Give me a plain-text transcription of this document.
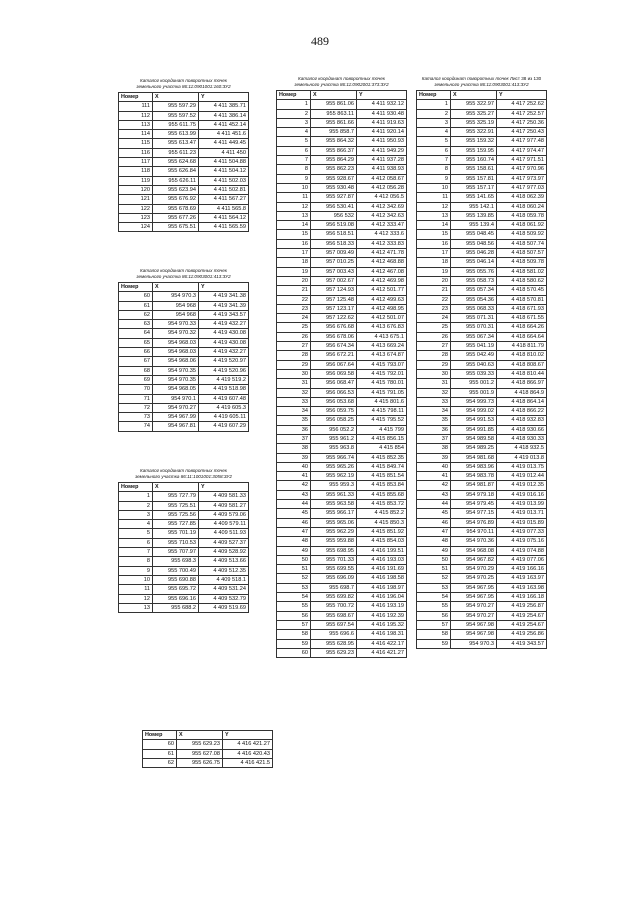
489
Каталог координат поворотных точек
земельного участка 86:11:0901001:160:ЗУ2
Номер	X	Y
111	955 597.29	4 411 385.71
112	955 597.52	4 411 386.14
113	955 611.75	4 411 452.14
114	955 613.99	4 411 451.6
115	955 613.47	4 411 449.45
116	955 611.23	4 411 450
117	955 624.68	4 411 504.88
118	955 626.84	4 411 504.12
119	955 626.11	4 411 502.03
120	955 623.94	4 411 502.81
121	955 676.92	4 411 567.27
122	955 678.69	4 411 565.8
123	955 677.26	4 411 564.12
124	955 675.51	4 411 565.59
Каталог координат поворотных точек
земельного участка 86:11:0903001:413:ЗУ2
Номер	X	Y
60	954 970.3	4 419 341.38
61	954 968	4 419 341.39
62	954 968	4 419 343.57
63	954 970.33	4 419 432.27
64	954 970.32	4 419 430.08
65	954 968.03	4 419 430.08
66	954 968.03	4 419 432.27
67	954 968.06	4 419 520.97
68	954 970.35	4 419 520.96
69	954 970.35	4 419 519.2
70	954 968.05	4 419 518.98
71	954 970.1	4 419 607.48
72	954 970.27	4 419 605.3
73	954 967.99	4 419 605.11
74	954 967.81	4 419 607.29
Каталог координат поворотных точек
земельного участка 86:11:1001001:3058:ЗУ2
Номер	X	Y
1	955 727.79	4 409 581.33
2	955 725.51	4 409 581.27
3	955 725.56	4 409 579.06
4	955 727.85	4 409 579.11
5	955 701.19	4 409 511.93
6	955 710.53	4 409 527.37
7	955 707.97	4 409 528.92
8	955 698.3	4 409 513.66
9	955 700.49	4 409 512.35
10	955 690.88	4 409 518.1
11	955 695.72	4 409 531.24
12	955 696.16	4 409 532.79
13	955 688.2	4 409 519.69
Каталог координат поворотных точек
земельного участка 86:11:0902001:373:ЗУ2
Номер	X	Y
1	955 861.06	4 411 932.12
2	955 863.11	4 411 930.48
3	955 861.66	4 411 919.63
4	955 858.7	4 411 920.14
5	955 864.32	4 411 950.93
6	955 866.37	4 411 949.29
7	955 864.29	4 411 937.28
8	955 862.23	4 411 938.93
9	955 928.67	4 412 058.67
10	955 930.48	4 412 056.28
11	955 927.87	4 412 056.5
12	956 530.41	4 412 342.69
13	956 532	4 412 342.63
14	956 519.08	4 412 333.47
15	956 518.51	4 412 333.6
16	956 518.33	4 412 333.83
17	957 009.49	4 412 471.78
18	957 010.25	4 412 468.88
19	957 003.43	4 412 467.08
20	957 002.67	4 412 469.98
21	957 124.93	4 412 501.77
22	957 125.48	4 412 499.63
23	957 123.17	4 412 498.95
24	957 122.62	4 412 501.07
25	956 676.68	4 413 676.83
26	956 678.06	4 413 675.1
27	956 674.34	4 413 669.24
28	956 672.21	4 413 674.87
29	956 067.64	4 415 793.07
30	956 069.58	4 415 792.01
31	956 068.47	4 415 780.01
32	956 066.53	4 415 791.05
33	956 053.68	4 415 801.6
34	956 059.75	4 415 798.11
35	956 058.25	4 415 795.52
36	956 052.2	4 415 799
37	955 961.2	4 415 856.15
38	955 963.8	4 415 854
39	955 966.74	4 415 852.35
40	955 965.26	4 415 849.74
41	955 962.19	4 415 851.54
42	955 959.3	4 415 853.84
43	955 961.33	4 415 855.68
44	955 963.58	4 415 853.72
45	955 966.17	4 415 852.2
46	955 965.06	4 415 850.3
47	955 962.29	4 415 851.92
48	955 959.88	4 415 854.03
49	955 698.95	4 416 199.51
50	955 701.33	4 416 193.03
51	955 699.55	4 416 191.69
52	955 696.09	4 416 198.58
53	955 698.7	4 416 198.97
54	955 699.82	4 416 196.04
55	955 700.72	4 416 193.19
56	955 698.67	4 416 192.39
57	955 697.54	4 416 195.32
58	955 696.6	4 416 198.31
59	955 628.95	4 416 422.17
60	955 629.23	4 416 421.27
Каталог координат поворотных точек Лист 38 из 130
земельного участка 86:11:0903001:413:ЗУ2
Номер	X	Y
1	955 322.97	4 417 252.62
2	955 325.27	4 417 252.57
3	955 325.19	4 417 250.36
4	955 322.91	4 417 250.43
5	955 159.32	4 417 977.48
6	955 159.95	4 417 974.47
7	955 160.74	4 417 971.51
8	955 158.61	4 417 970.96
9	955 157.81	4 417 973.97
10	955 157.17	4 417 977.03
11	955 141.65	4 418 062.39
12	955 142.1	4 418 060.24
13	955 139.85	4 418 059.78
14	955 139.4	4 418 061.92
15	955 048.45	4 418 509.92
16	955 048.56	4 418 507.74
17	955 046.28	4 418 507.57
18	955 046.14	4 418 509.78
19	955 055.76	4 418 581.02
20	955 058.73	4 418 580.62
21	955 057.34	4 418 570.45
22	955 054.36	4 418 570.81
23	955 068.33	4 418 671.93
24	955 071.31	4 418 671.55
25	955 070.31	4 418 664.26
26	955 067.34	4 418 664.64
27	955 041.19	4 418 811.79
28	955 042.49	4 418 810.02
29	955 040.63	4 418 808.67
30	955 039.33	4 418 810.44
31	955 001.2	4 418 866.97
32	955 001.9	4 418 864.9
33	954 999.73	4 418 864.14
34	954 999.02	4 418 866.22
35	954 991.53	4 418 932.83
36	954 991.85	4 418 930.66
37	954 989.58	4 418 930.33
38	954 989.25	4 418 932.5
39	954 981.68	4 419 013.8
40	954 983.96	4 419 013.75
41	954 983.78	4 419 012.44
42	954 981.87	4 419 012.35
43	954 979.18	4 419 016.16
44	954 979.45	4 419 013.99
45	954 977.15	4 419 013.71
46	954 976.89	4 419 015.89
47	954 970.11	4 419 077.33
48	954 970.36	4 419 075.16
49	954 968.08	4 419 074.88
50	954 967.82	4 419 077.06
51	954 970.29	4 419 166.16
52	954 970.25	4 419 163.97
53	954 967.95	4 419 163.98
54	954 967.95	4 419 166.18
55	954 970.27	4 419 256.87
56	954 970.27	4 419 254.67
57	954 967.98	4 419 254.67
58	954 967.98	4 419 256.86
59	954 970.3	4 419 343.57
Номер	X	Y
60	955 629.23	4 416 421.27
61	955 627.08	4 416 420.43
62	955 626.75	4 416 421.5
